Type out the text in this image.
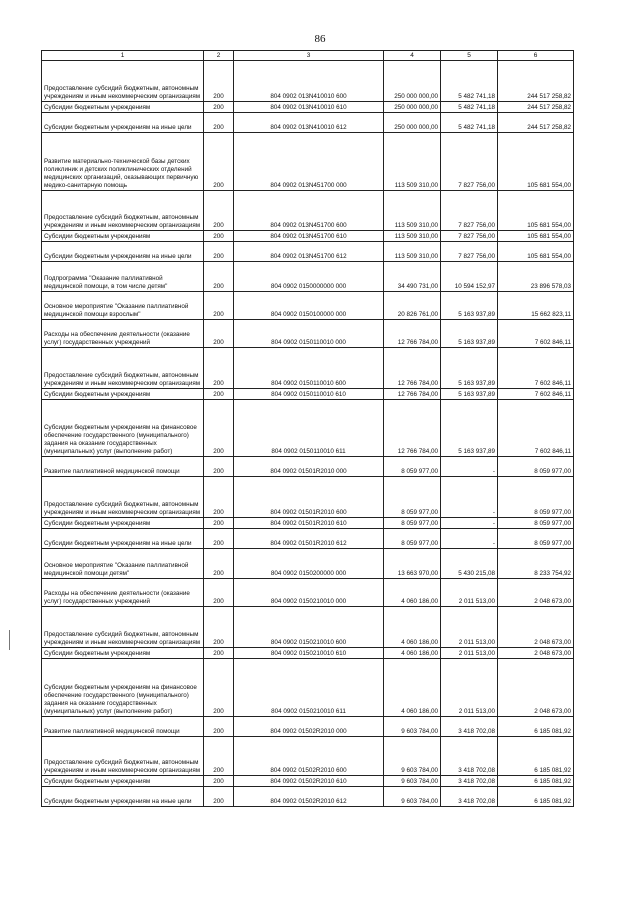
86
1	2	3	4	5	6
Предоставление субсидий бюджетным, автономным учреждениям и иным некоммерческим организациям	200	804 0902 013N410010 600	250 000 000,00	5 482 741,18	244 517 258,82
Субсидии бюджетным учреждениям	200	804 0902 013N410010 610	250 000 000,00	5 482 741,18	244 517 258,82
Субсидии бюджетным учреждениям на иные цели	200	804 0902 013N410010 612	250 000 000,00	5 482 741,18	244 517 258,82
Развитие материально-технической базы детских поликлиник и детских поликлинических отделений медицинских организаций, оказывающих первичную медико-санитарную помощь	200	804 0902 013N451700 000	113 509 310,00	7 827 756,00	105 681 554,00
Предоставление субсидий бюджетным, автономным учреждениям и иным некоммерческим организациям	200	804 0902 013N451700 600	113 509 310,00	7 827 756,00	105 681 554,00
Субсидии бюджетным учреждениям	200	804 0902 013N451700 610	113 509 310,00	7 827 756,00	105 681 554,00
Субсидии бюджетным учреждениям на иные цели	200	804 0902 013N451700 612	113 509 310,00	7 827 756,00	105 681 554,00
Подпрограмма "Оказание паллиативной медицинской помощи, в том числе детям"	200	804 0902 0150000000 000	34 490 731,00	10 594 152,97	23 896 578,03
Основное мероприятие "Оказание паллиативной медицинской помощи взрослым"	200	804 0902 0150100000 000	20 826 761,00	5 163 937,89	15 662 823,11
Расходы на обеспечение деятельности (оказание услуг) государственных учреждений	200	804 0902 0150110010 000	12 766 784,00	5 163 937,89	7 602 846,11
Предоставление субсидий бюджетным, автономным учреждениям и иным некоммерческим организациям	200	804 0902 0150110010 600	12 766 784,00	5 163 937,89	7 602 846,11
Субсидии бюджетным учреждениям	200	804 0902 0150110010 610	12 766 784,00	5 163 937,89	7 602 846,11
Субсидии бюджетным учреждениям на финансовое обеспечение государственного (муниципального) задания на оказание государственных (муниципальных) услуг (выполнение работ)	200	804 0902 0150110010 611	12 766 784,00	5 163 937,89	7 602 846,11
Развитие паллиативной медицинской помощи	200	804 0902 01501R2010 000	8 059 977,00	-	8 059 977,00
Предоставление субсидий бюджетным, автономным учреждениям и иным некоммерческим организациям	200	804 0902 01501R2010 600	8 059 977,00	-	8 059 977,00
Субсидии бюджетным учреждениям	200	804 0902 01501R2010 610	8 059 977,00	-	8 059 977,00
Субсидии бюджетным учреждениям на иные цели	200	804 0902 01501R2010 612	8 059 977,00	-	8 059 977,00
Основное мероприятие "Оказание паллиативной медицинской помощи детям"	200	804 0902 0150200000 000	13 663 970,00	5 430 215,08	8 233 754,92
Расходы на обеспечение деятельности (оказание услуг) государственных учреждений	200	804 0902 0150210010 000	4 060 186,00	2 011 513,00	2 048 673,00
Предоставление субсидий бюджетным, автономным учреждениям и иным некоммерческим организациям	200	804 0902 0150210010 600	4 060 186,00	2 011 513,00	2 048 673,00
Субсидии бюджетным учреждениям	200	804 0902 0150210010 610	4 060 186,00	2 011 513,00	2 048 673,00
Субсидии бюджетным учреждениям на финансовое обеспечение государственного (муниципального) задания на оказание государственных (муниципальных) услуг (выполнение работ)	200	804 0902 0150210010 611	4 060 186,00	2 011 513,00	2 048 673,00
Развитие паллиативной медицинской помощи	200	804 0902 01502R2010 000	9 603 784,00	3 418 702,08	6 185 081,92
Предоставление субсидий бюджетным, автономным учреждениям и иным некоммерческим организациям	200	804 0902 01502R2010 600	9 603 784,00	3 418 702,08	6 185 081,92
Субсидии бюджетным учреждениям	200	804 0902 01502R2010 610	9 603 784,00	3 418 702,08	6 185 081,92
Субсидии бюджетным учреждениям на иные цели	200	804 0902 01502R2010 612	9 603 784,00	3 418 702,08	6 185 081,92
